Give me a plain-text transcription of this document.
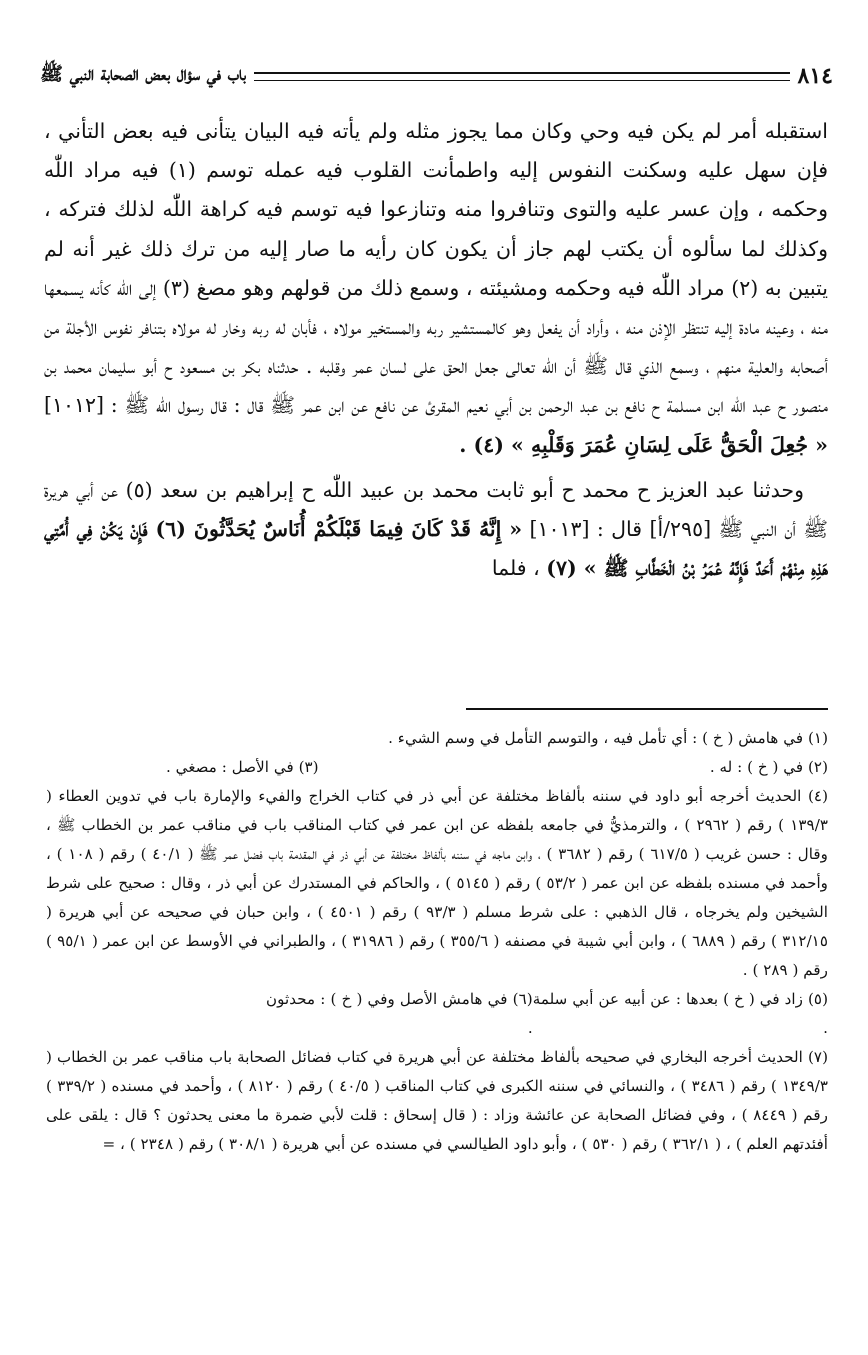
٨١٤
باب في سؤال بعض الصحابة النبي ﷺ

استقبله أمر لم يكن فيه وحي وكان مما يجوز مثله ولم يأته فيه البيان يتأنى فيه بعض التأني ، فإن سهل عليه وسكنت النفوس إليه واطمأنت القلوب فيه عمله توسم (١) فيه مراد اللّٰه وحكمه ، وإن عسر عليه والتوى وتنافروا منه وتنازعوا فيه توسم فيه كراهة اللّٰه لذلك فتركه ، وكذلك لما سألوه أن يكتب لهم جاز أن يكون كان رأيه ما صار إليه من ترك ذلك غير أنه لم يتبين به (٢) مراد اللّٰه فيه وحكمه ومشيئته ، وسمع ذلك من قولهم وهو مصغ (٣) إلى اللّٰه كأنه يسمعها منه ، وعينه مادة إليه تنتظر الإذن منه ، وأراد أن يفعل وهو كالمستشير ربه والمستخير مولاه ، فأبان له ربه وخار له مولاه بتنافر نفوس الأجلة من أصحابه والعلية منهم ، وسمع الذي قال ﷺ أن اللّٰه تعالى جعل الحق على لسان عمر وقلبه . حدثناه بكر بن مسعود ح أبو سليمان محمد بن منصور ح عبد اللّٰه ابن مسلمة ح نافع بن عبد الرحمن بن أبي نعيم المقرئ عن نافع عن ابن عمر ﷺ قال : قال رسول اللّٰه ﷺ : [١٠١٢] « جُعِلَ الْحَقُّ عَلَى لِسَانِ عُمَرَ وَقَلْبِهِ » (٤) .

وحدثنا عبد العزيز ح محمد ح أبو ثابت محمد بن عبيد اللّٰه ح إبراهيم بن سعد (٥) عن أبي هريرة ﷺ أن النبي ﷺ [٢٩٥/أ] قال : [١٠١٣] « إِنَّهُ قَدْ كَانَ فِيمَا قَبْلَكُمْ أُنَاسٌ يُحَدَّثُونَ (٦) فَإِنْ يَكُنْ فِي أُمَّتِي هَذِهِ مِنْهُمْ أَحَدٌ فَإِنَّهُ عُمَرُ بْنُ الْخَطَّابِ ﷺ » (٧) ، فلما

(١) في هامش ( خ ) : أي تأمل فيه ، والتوسم التأمل في وسم الشيء .

(٢) في ( خ ) : له .

(٣) في الأصل : مصغي .

(٤) الحديث أخرجه أبو داود في سننه بألفاظ مختلفة عن أبي ذر في كتاب الخراج والفيء والإمارة باب في تدوين العطاء ( ١٣٩/٣ ) رقم ( ٢٩٦٢ ) ، والترمذيُّ في جامعه بلفظه عن ابن عمر في كتاب المناقب باب في مناقب عمر بن الخطاب ﷺ ، وقال : حسن غريب ( ٦١٧/٥ ) رقم ( ٣٦٨٢ ) ، وابن ماجه في سننه بألفاظ مختلفة عن أبي ذر في المقدمة باب فضل عمر ﷺ ( ٤٠/١ ) رقم ( ١٠٨ ) ، وأحمد في مسنده بلفظه عن ابن عمر ( ٥٣/٢ ) رقم ( ٥١٤٥ ) ، والحاكم في المستدرك عن أبي ذر ، وقال : صحيح على شرط الشيخين ولم يخرجاه ، قال الذهبي : على شرط مسلم ( ٩٣/٣ ) رقم ( ٤٥٠١ ) ، وابن حبان في صحيحه عن أبي هريرة ( ٣١٢/١٥ ) رقم ( ٦٨٨٩ ) ، وابن أبي شيبة في مصنفه ( ٣٥٥/٦ ) رقم ( ٣١٩٨٦ ) ، والطبراني في الأوسط عن ابن عمر ( ٩٥/١ ) رقم ( ٢٨٩ ) .

(٥) زاد في ( خ ) بعدها : عن أبيه عن أبي سلمة .

(٦) في هامش الأصل وفي ( خ ) : محدثون .

(٧) الحديث أخرجه البخاري في صحيحه بألفاظ مختلفة عن أبي هريرة في كتاب فضائل الصحابة باب مناقب عمر بن الخطاب ( ١٣٤٩/٣ ) رقم ( ٣٤٨٦ ) ، والنسائي في سننه الكبرى في كتاب المناقب ( ٤٠/٥ ) رقم ( ٨١٢٠ ) ، وأحمد في مسنده ( ٣٣٩/٢ ) رقم ( ٨٤٤٩ ) ، وفي فضائل الصحابة عن عائشة وزاد : ( قال إسحاق : قلت لأبي ضمرة ما معنى يحدثون ؟ قال : يلقى على أفئدتهم العلم ) ، ( ٣٦٢/١ ) رقم ( ٥٣٠ ) ، وأبو داود الطيالسي في مسنده عن أبي هريرة ( ٣٠٨/١ ) رقم ( ٢٣٤٨ ) ، =
